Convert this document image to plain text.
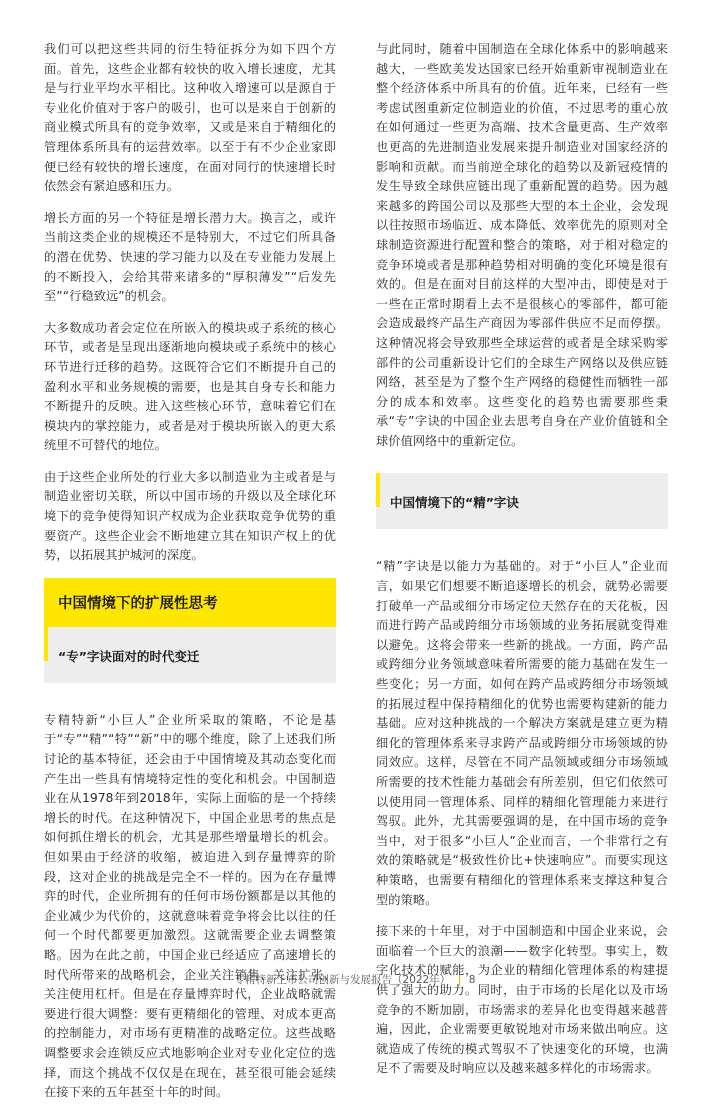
我们可以把这些共同的衍生特征拆分为如下四个方面。首先，这些企业都有较快的收入增长速度，尤其是与行业平均水平相比。这种收入增速可以是源自于专业化价值对于客户的吸引，也可以是来自于创新的商业模式所具有的竞争效率，又或是来自于精细化的管理体系所具有的运营效率。以至于有不少企业家即便已经有较快的增长速度，在面对同行的快速增长时依然会有紧迫感和压力。

增长方面的另一个特征是增长潜力大。换言之，或许当前这类企业的规模还不是特别大，不过它们所具备的潜在优势、快速的学习能力以及在专业能力发展上的不断投入，会给其带来诸多的“厚积薄发”“后发先至”“行稳致远”的机会。

大多数成功者会定位在所嵌入的模块或子系统的核心环节，或者是呈现出逐渐地向模块或子系统中的核心环节进行迁移的趋势。这既符合它们不断提升自己的盈利水平和业务规模的需要，也是其自身专长和能力不断提升的反映。进入这些核心环节，意味着它们在模块内的掌控能力，或者是对于模块所嵌入的更大系统里不可替代的地位。

由于这些企业所处的行业大多以制造业为主或者是与制造业密切关联，所以中国市场的升级以及全球化环境下的竞争使得知识产权成为企业获取竞争优势的重要资产。这些企业会不断地建立其在知识产权上的优势，以拓展其护城河的深度。

中国情境下的扩展性思考
“专”字诀面对的时代变迁

专精特新“小巨人”企业所采取的策略，不论是基于“专”“精”“特”“新”中的哪个维度，除了上述我们所讨论的基本特征，还会由于中国情境及其动态变化而产生出一些具有情境特定性的变化和机会。中国制造业在从1978年到2018年，实际上面临的是一个持续增长的时代。在这种情况下，中国企业思考的焦点是如何抓住增长的机会，尤其是那些增量增长的机会。但如果由于经济的收缩，被迫进入到存量博弈的阶段，这对企业的挑战是完全不一样的。因为在存量博弈的时代，企业所拥有的任何市场份额都是以其他的企业减少为代价的，这就意味着竞争将会比以往的任何一个时代都要更加激烈。这就需要企业去调整策略。因为在此之前，中国企业已经适应了高速增长的时代所带来的战略机会，企业关注销售、关注扩张、关注使用杠杆。但是在存量博弈时代，企业战略就需要进行很大调整：要有更精细化的管理、对成本更高的控制能力，对市场有更精准的战略定位。这些战略调整要求会连锁反应式地影响企业对专业化定位的选择，而这个挑战不仅仅是在现在，甚至很可能会延续在接下来的五年甚至十年的时间。

与此同时，随着中国制造在全球化体系中的影响越来越大，一些欧美发达国家已经开始重新审视制造业在整个经济体系中所具有的价值。近年来，已经有一些考虑试图重新定位制造业的价值，不过思考的重心放在如何通过一些更为高端、技术含量更高、生产效率也更高的先进制造业发展来提升制造业对国家经济的影响和贡献。而当前逆全球化的趋势以及新冠疫情的发生导致全球供应链出现了重新配置的趋势。因为越来越多的跨国公司以及那些大型的本土企业，会发现以往按照市场临近、成本降低、效率优先的原则对全球制造资源进行配置和整合的策略，对于相对稳定的竞争环境或者是那种趋势相对明确的变化环境是很有效的。但是在面对目前这样的大型冲击，即使是对于一些在正常时期看上去不是很核心的零部件，都可能会造成最终产品生产商因为零部件供应不足而停摆。这种情况将会导致那些全球运营的或者是全球采购零部件的公司重新设计它们的全球生产网络以及供应链网络，甚至是为了整个生产网络的稳健性而牺牲一部分的成本和效率。这些变化的趋势也需要那些秉承“专”字诀的中国企业去思考自身在产业价值链和全球价值网络中的重新定位。

中国情境下的“精”字诀

“精”字诀是以能力为基础的。对于“小巨人”企业而言，如果它们想要不断追逐增长的机会，就势必需要打破单一产品或细分市场定位天然存在的天花板，因而进行跨产品或跨细分市场领域的业务拓展就变得难以避免。这将会带来一些新的挑战。一方面，跨产品或跨细分业务领域意味着所需要的能力基础在发生一些变化；另一方面，如何在跨产品或跨细分市场领域的拓展过程中保持精细化的优势也需要构建新的能力基础。应对这种挑战的一个解决方案就是建立更为精细化的管理体系来寻求跨产品或跨细分市场领域的协同效应。这样，尽管在不同产品领域或细分市场领域所需要的技术性能力基础会有所差别，但它们依然可以使用同一管理体系、同样的精细化管理能力来进行驾驭。此外，尤其需要强调的是，在中国市场的竞争当中，对于很多“小巨人”企业而言，一个非常行之有效的策略就是“极致性价比+快速响应”。而要实现这种策略，也需要有精细化的管理体系来支撑这种复合型的策略。

接下来的十年里，对于中国制造和中国企业来说，会面临着一个巨大的浪潮——数字化转型。事实上，数字化技术的赋能，为企业的精细化管理体系的构建提供了强大的助力。同时，由于市场的长尾化以及市场竞争的不断加剧，市场需求的差异化也变得越来越普遍，因此，企业需要更敏锐地对市场来做出响应。这就造成了传统的模式驾驭不了快速变化的环境，也满足不了需要及时响应以及越来越多样化的市场需求。

专精特新上市公司创新与发展报告（2022年） | 8
